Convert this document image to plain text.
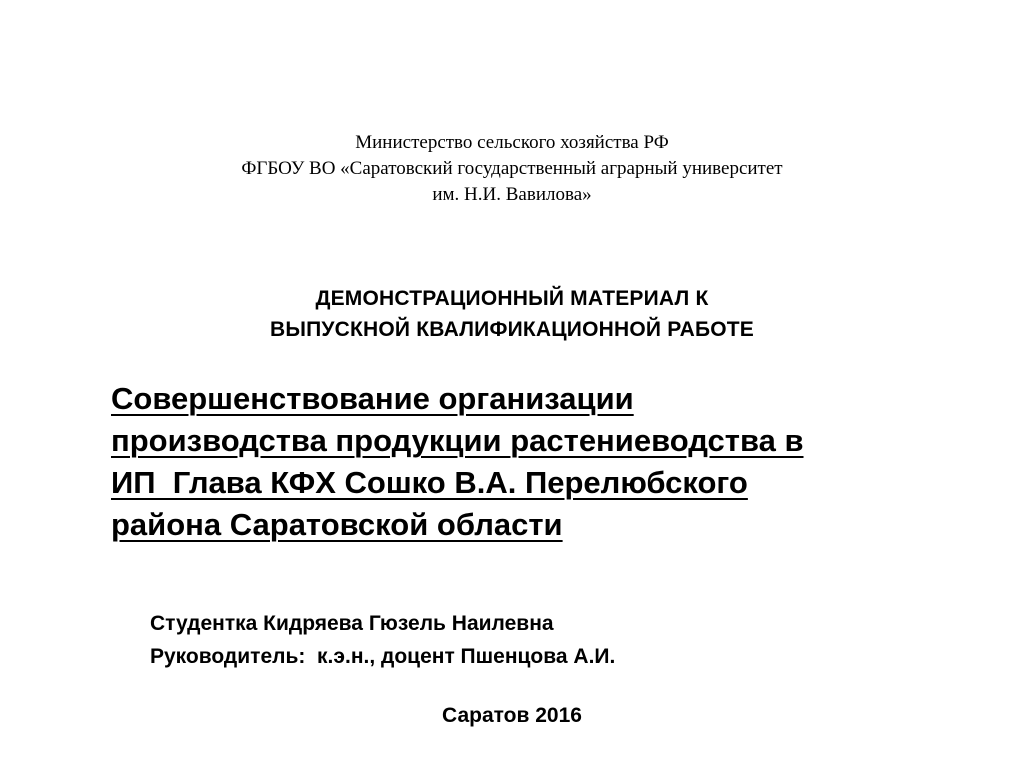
Министерство сельского хозяйства РФ
ФГБОУ ВО «Саратовский государственный аграрный университет
им. Н.И. Вавилова»
ДЕМОНСТРАЦИОННЫЙ МАТЕРИАЛ К
ВЫПУСКНОЙ КВАЛИФИКАЦИОННОЙ РАБОТЕ
Совершенствование организации
производства продукции растениеводства в
ИП  Глава КФХ Сошко В.А. Перелюбского
района Саратовской области
Студентка Кидряева Гюзель Наилевна
Руководитель:  к.э.н., доцент Пшенцова А.И.
Саратов 2016
